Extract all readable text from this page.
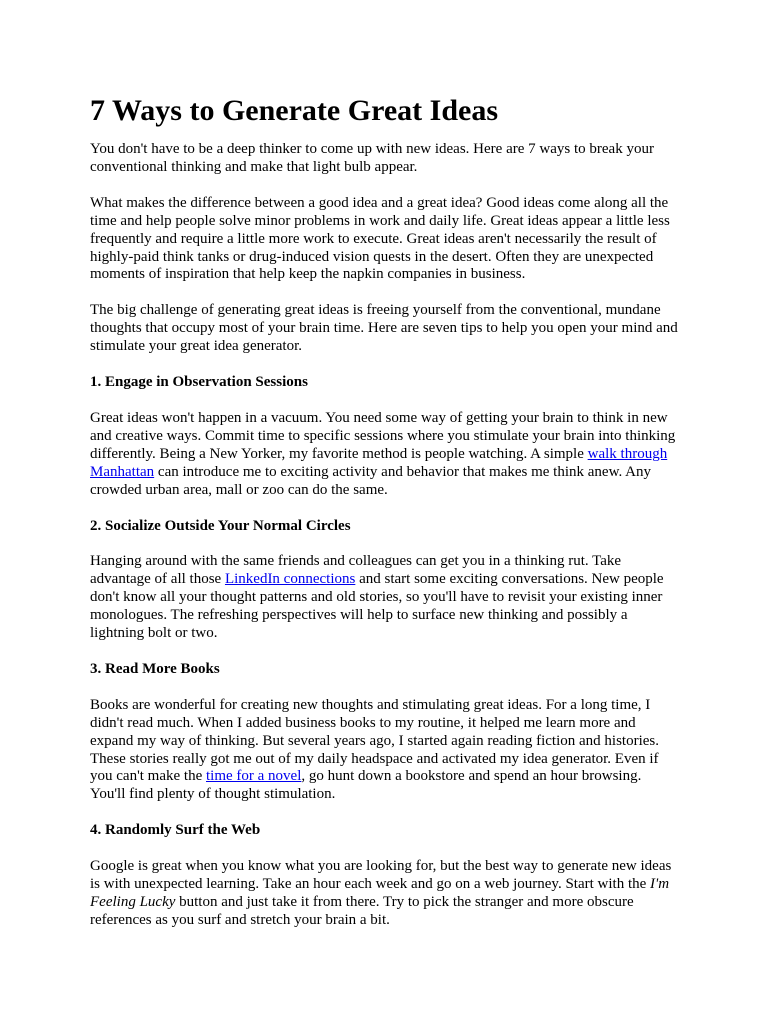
7 Ways to Generate Great Ideas

You don't have to be a deep thinker to come up with new ideas. Here are 7 ways to break your conventional thinking and make that light bulb appear.

What makes the difference between a good idea and a great idea? Good ideas come along all the time and help people solve minor problems in work and daily life. Great ideas appear a little less frequently and require a little more work to execute. Great ideas aren't necessarily the result of highly-paid think tanks or drug-induced vision quests in the desert. Often they are unexpected moments of inspiration that help keep the napkin companies in business.

The big challenge of generating great ideas is freeing yourself from the conventional, mundane thoughts that occupy most of your brain time. Here are seven tips to help you open your mind and stimulate your great idea generator.

1. Engage in Observation Sessions

Great ideas won't happen in a vacuum. You need some way of getting your brain to think in new and creative ways. Commit time to specific sessions where you stimulate your brain into thinking differently. Being a New Yorker, my favorite method is people watching. A simple walk through Manhattan can introduce me to exciting activity and behavior that makes me think anew. Any crowded urban area, mall or zoo can do the same.

2. Socialize Outside Your Normal Circles

Hanging around with the same friends and colleagues can get you in a thinking rut. Take advantage of all those LinkedIn connections and start some exciting conversations. New people don't know all your thought patterns and old stories, so you'll have to revisit your existing inner monologues. The refreshing perspectives will help to surface new thinking and possibly a lightning bolt or two.

3. Read More Books

Books are wonderful for creating new thoughts and stimulating great ideas. For a long time, I didn't read much. When I added business books to my routine, it helped me learn more and expand my way of thinking. But several years ago, I started again reading fiction and histories. These stories really got me out of my daily headspace and activated my idea generator. Even if you can't make the time for a novel, go hunt down a bookstore and spend an hour browsing. You'll find plenty of thought stimulation.

4. Randomly Surf the Web

Google is great when you know what you are looking for, but the best way to generate new ideas is with unexpected learning. Take an hour each week and go on a web journey. Start with the I'm Feeling Lucky button and just take it from there. Try to pick the stranger and more obscure references as you surf and stretch your brain a bit.
